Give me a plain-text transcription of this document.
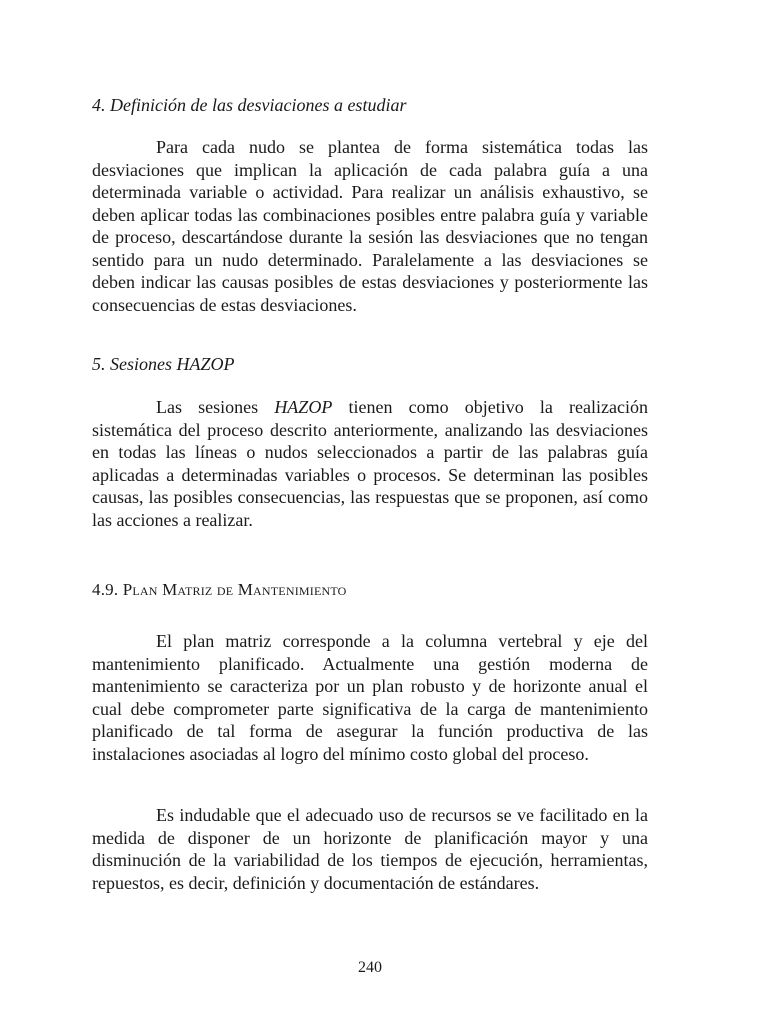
4. Definición de las desviaciones a estudiar

Para cada nudo se plantea de forma sistemática todas las desviaciones que implican la aplicación de cada palabra guía a una determinada variable o actividad. Para realizar un análisis exhaustivo, se deben aplicar todas las combinaciones posibles entre palabra guía y variable de proceso, descartándose durante la sesión las desviaciones que no tengan sentido para un nudo determinado. Paralelamente a las desviaciones se deben indicar las causas posibles de estas desviaciones y posteriormente las consecuencias de estas desviaciones.

5. Sesiones HAZOP

Las sesiones HAZOP tienen como objetivo la realización sistemática del proceso descrito anteriormente, analizando las desviaciones en todas las líneas o nudos seleccionados a partir de las palabras guía aplicadas a determinadas variables o procesos. Se determinan las posibles causas, las posibles consecuencias, las respuestas que se proponen, así como las acciones a realizar.

4.9. Plan Matriz de Mantenimiento

El plan matriz corresponde a la columna vertebral y eje del mantenimiento planificado. Actualmente una gestión moderna de mantenimiento se caracteriza por un plan robusto y de horizonte anual el cual debe comprometer parte significativa de la carga de mantenimiento planificado de tal forma de asegurar la función productiva de las instalaciones asociadas al logro del mínimo costo global del proceso.

Es indudable que el adecuado uso de recursos se ve facilitado en la medida de disponer de un horizonte de planificación mayor y una disminución de la variabilidad de los tiempos de ejecución, herramientas, repuestos, es decir, definición y documentación de estándares.

240
